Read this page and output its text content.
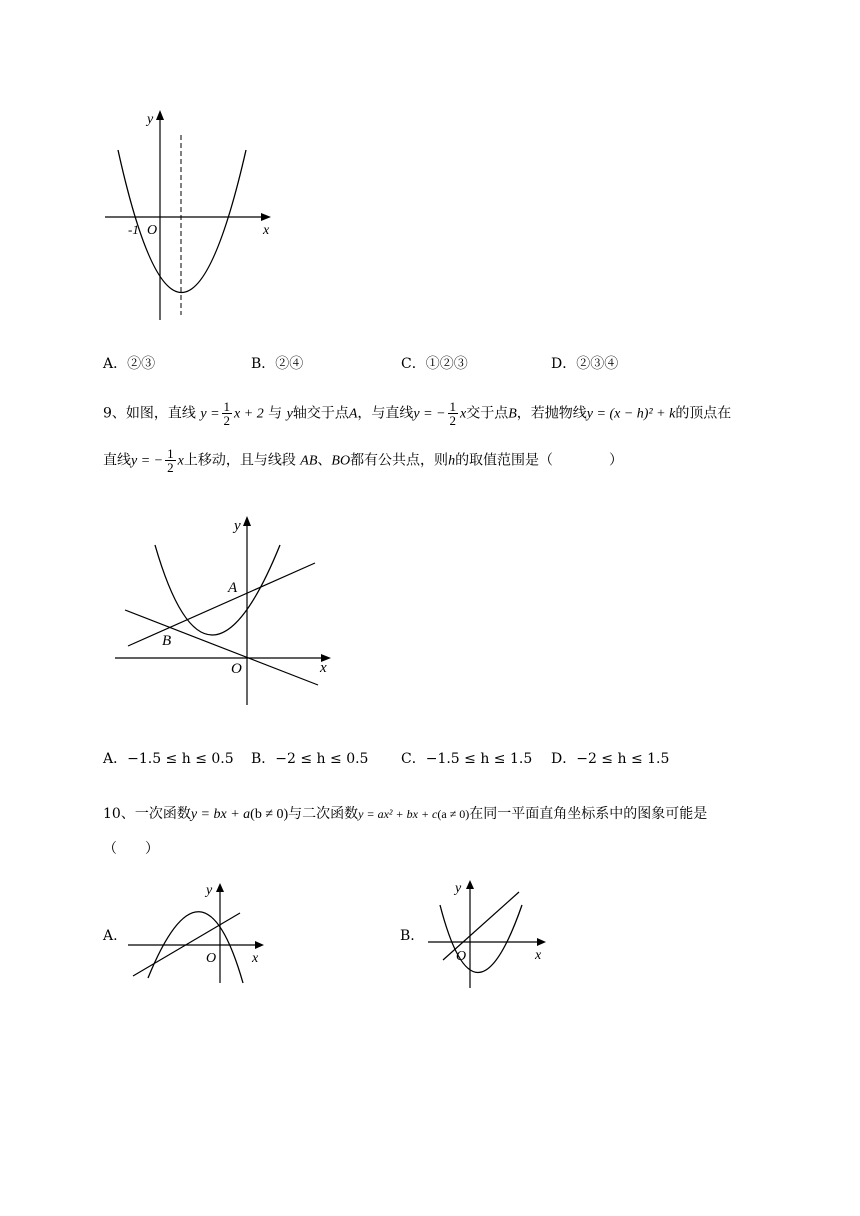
y
x
O
-1
A．②③	B．②④	C．①②③	D．②③④
9、如图，直线 $y = \frac{1}{2}$ x + 2 与 y轴交于点A，与直线y = − $\frac{1}{2}$ x交于点B，若抛物线y = (x − h)² + k的顶点在
直线y = − $\frac{1}{2}$ x上移动，且与线段 AB、BO都有公共点，则h的取值范围是（　　　　）
y
x
O
A
B
A．−1.5 ≤ h ≤ 0.5 B．−2 ≤ h ≤ 0.5 C．−1.5 ≤ h ≤ 1.5 D．−2 ≤ h ≤ 1.5
10、一次函数y = bx + a(b ≠ 0)与二次函数y = ax² + bx + c(a ≠ 0)在同一平面直角坐标系中的图象可能是
（　　）
A.
y
x
O
B.
y
x
O
